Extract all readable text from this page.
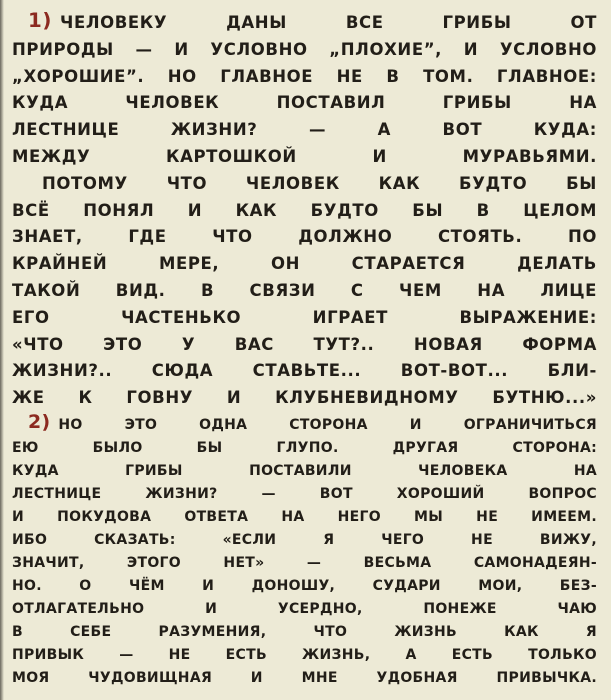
1) ЧЕЛОВЕКУ ДАНЫ ВСЕ ГРИБЫ ОТ
ПРИРОДЫ — И УСЛОВНО „ПЛОХИЕ”, И УСЛОВНО
„ХОРОШИЕ”. НО ГЛАВНОЕ НЕ В ТОМ. ГЛАВНОЕ:
КУДА ЧЕЛОВЕК ПОСТАВИЛ ГРИБЫ НА
ЛЕСТНИЦЕ ЖИЗНИ? — А ВОТ КУДА:
МЕЖДУ КАРТОШКОЙ И МУРАВЬЯМИ.
ПОТОМУ ЧТО ЧЕЛОВЕК КАК БУДТО БЫ
ВСЁ ПОНЯЛ И КАК БУДТО БЫ В ЦЕЛОМ
ЗНАЕТ, ГДЕ ЧТО ДОЛЖНО СТОЯТЬ. ПО
КРАЙНЕЙ МЕРЕ, ОН СТАРАЕТСЯ ДЕЛАТЬ
ТАКОЙ ВИД. В СВЯЗИ С ЧЕМ НА ЛИЦЕ
ЕГО ЧАСТЕНЬКО ИГРАЕТ ВЫРАЖЕНИЕ:
«ЧТО ЭТО У ВАС ТУТ?.. НОВАЯ ФОРМА
ЖИЗНИ?.. СЮДА СТАВЬТЕ... ВОТ-ВОТ... БЛИ-
ЖЕ К ГОВНУ И КЛУБНЕВИДНОМУ БУТНЮ...»
2) НО ЭТО ОДНА СТОРОНА И ОГРАНИЧИТЬСЯ
ЕЮ БЫЛО БЫ ГЛУПО. ДРУГАЯ СТОРОНА:
КУДА ГРИБЫ ПОСТАВИЛИ ЧЕЛОВЕКА НА
ЛЕСТНИЦЕ ЖИЗНИ? — ВОТ ХОРОШИЙ ВОПРОС
И ПОКУДОВА ОТВЕТА НА НЕГО МЫ НЕ ИМЕЕМ.
ИБО СКАЗАТЬ: «ЕСЛИ Я ЧЕГО НЕ ВИЖУ,
ЗНАЧИТ, ЭТОГО НЕТ» — ВЕСЬМА САМОНАДЕЯН-
НО. О ЧЁМ И ДОНОШУ, СУДАРИ МОИ, БЕЗ-
ОТЛАГАТЕЛЬНО И УСЕРДНО, ПОНЕЖЕ ЧАЮ
В СЕБЕ РАЗУМЕНИЯ, ЧТО ЖИЗНЬ КАК Я
ПРИВЫК — НЕ ЕСТЬ ЖИЗНЬ, А ЕСТЬ ТОЛЬКО
МОЯ ЧУДОВИЩНАЯ И МНЕ УДОБНАЯ ПРИВЫЧКА.
